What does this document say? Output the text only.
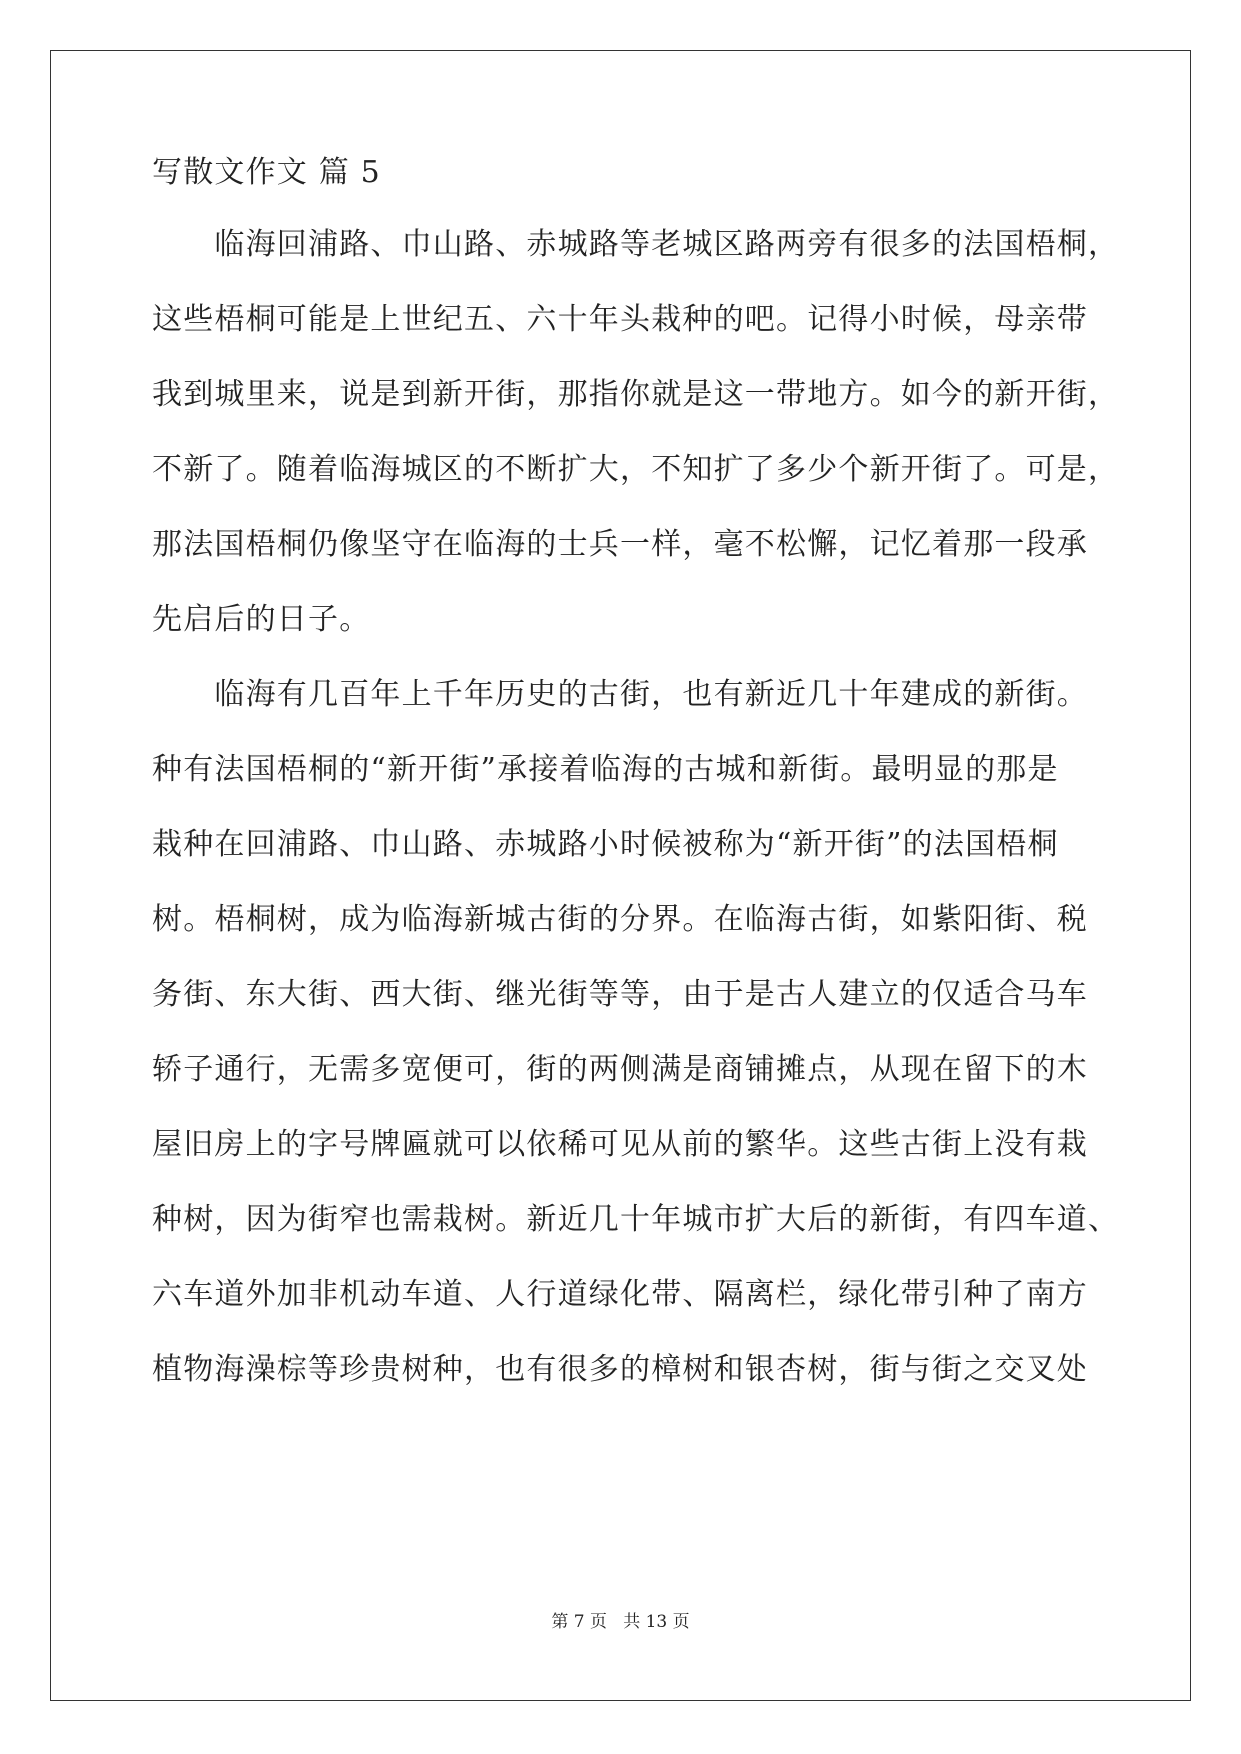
写散文作文 篇 5
　　临海回浦路、巾山路、赤城路等老城区路两旁有很多的法国梧桐，
这些梧桐可能是上世纪五、六十年头栽种的吧。记得小时候，母亲带
我到城里来，说是到新开街，那指你就是这一带地方。如今的新开街，
不新了。随着临海城区的不断扩大，不知扩了多少个新开街了。可是，
那法国梧桐仍像坚守在临海的士兵一样，毫不松懈，记忆着那一段承
先启后的日子。
　　临海有几百年上千年历史的古街，也有新近几十年建成的新街。
种有法国梧桐的“新开街”承接着临海的古城和新街。最明显的那是
栽种在回浦路、巾山路、赤城路小时候被称为“新开街”的法国梧桐
树。梧桐树，成为临海新城古街的分界。在临海古街，如紫阳街、税
务街、东大街、西大街、继光街等等，由于是古人建立的仅适合马车
轿子通行，无需多宽便可，街的两侧满是商铺摊点，从现在留下的木
屋旧房上的字号牌匾就可以依稀可见从前的繁华。这些古街上没有栽
种树，因为街窄也需栽树。新近几十年城市扩大后的新街，有四车道、
六车道外加非机动车道、人行道绿化带、隔离栏，绿化带引种了南方
植物海澡棕等珍贵树种，也有很多的樟树和银杏树，街与街之交叉处
第 7 页   共 13 页
